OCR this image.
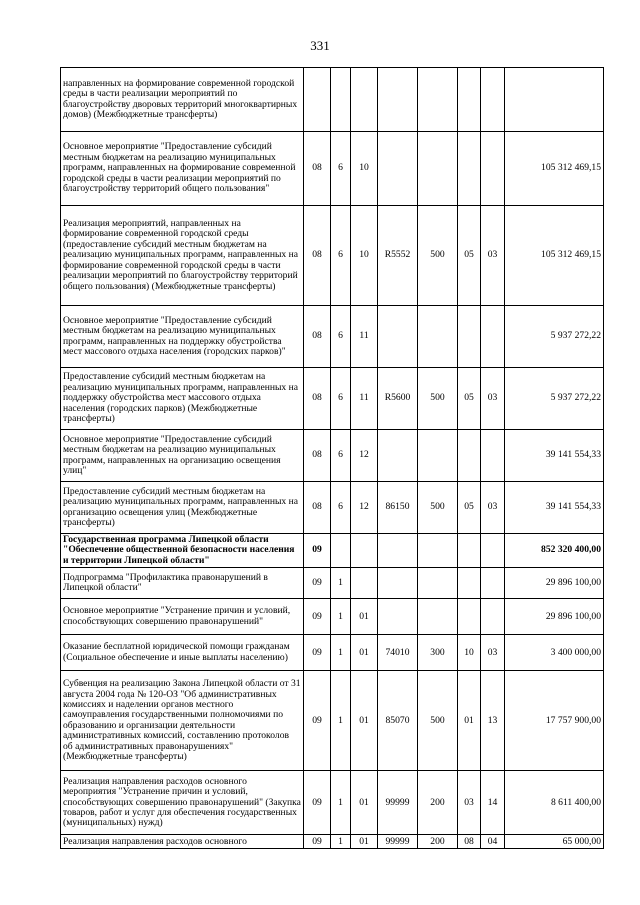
331
направленных на формирование современной городской среды в части реализации мероприятий по благоустройству дворовых территорий многоквартирных домов) (Межбюджетные трансферты)								
Основное мероприятие "Предоставление субсидий местным бюджетам на реализацию муниципальных программ, направленных на формирование современной городской среды в части реализации мероприятий по благоустройству территорий общего пользования"	08	6	10					105 312 469,15
Реализация мероприятий, направленных на формирование современной городской среды (предоставление субсидий местным бюджетам на реализацию муниципальных программ, направленных на формирование современной городской среды в части реализации мероприятий по благоустройству территорий общего пользования) (Межбюджетные трансферты)	08	6	10	R5552	500	05	03	105 312 469,15
Основное мероприятие "Предоставление субсидий местным бюджетам на реализацию муниципальных программ, направленных на поддержку обустройства мест массового отдыха населения (городских парков)"	08	6	11					5 937 272,22
Предоставление субсидий местным бюджетам на реализацию муниципальных программ, направленных на поддержку обустройства мест массового отдыха населения (городских парков) (Межбюджетные трансферты)	08	6	11	R5600	500	05	03	5 937 272,22
Основное мероприятие "Предоставление субсидий местным бюджетам на реализацию муниципальных программ, направленных на организацию освещения улиц"	08	6	12					39 141 554,33
Предоставление субсидий местным бюджетам на реализацию муниципальных программ, направленных на организацию освещения улиц (Межбюджетные трансферты)	08	6	12	86150	500	05	03	39 141 554,33
Государственная программа Липецкой области "Обеспечение общественной безопасности населения и территории Липецкой области"	09							852 320 400,00
Подпрограмма "Профилактика правонарушений в Липецкой области"	09	1						29 896 100,00
Основное мероприятие "Устранение причин и условий, способствующих совершению правонарушений"	09	1	01					29 896 100,00
Оказание бесплатной юридической помощи гражданам (Социальное обеспечение и иные выплаты населению)	09	1	01	74010	300	10	03	3 400 000,00
Субвенция на реализацию Закона Липецкой области от 31 августа 2004 года № 120-ОЗ "Об административных комиссиях и наделении органов местного самоуправления государственными полномочиями по образованию и организации деятельности административных комиссий, составлению протоколов об административных правонарушениях" (Межбюджетные трансферты)	09	1	01	85070	500	01	13	17 757 900,00
Реализация направления расходов основного мероприятия "Устранение причин и условий, способствующих совершению правонарушений" (Закупка товаров, работ и услуг для обеспечения государственных (муниципальных) нужд)	09	1	01	99999	200	03	14	8 611 400,00
Реализация направления расходов основного	09	1	01	99999	200	08	04	65 000,00
